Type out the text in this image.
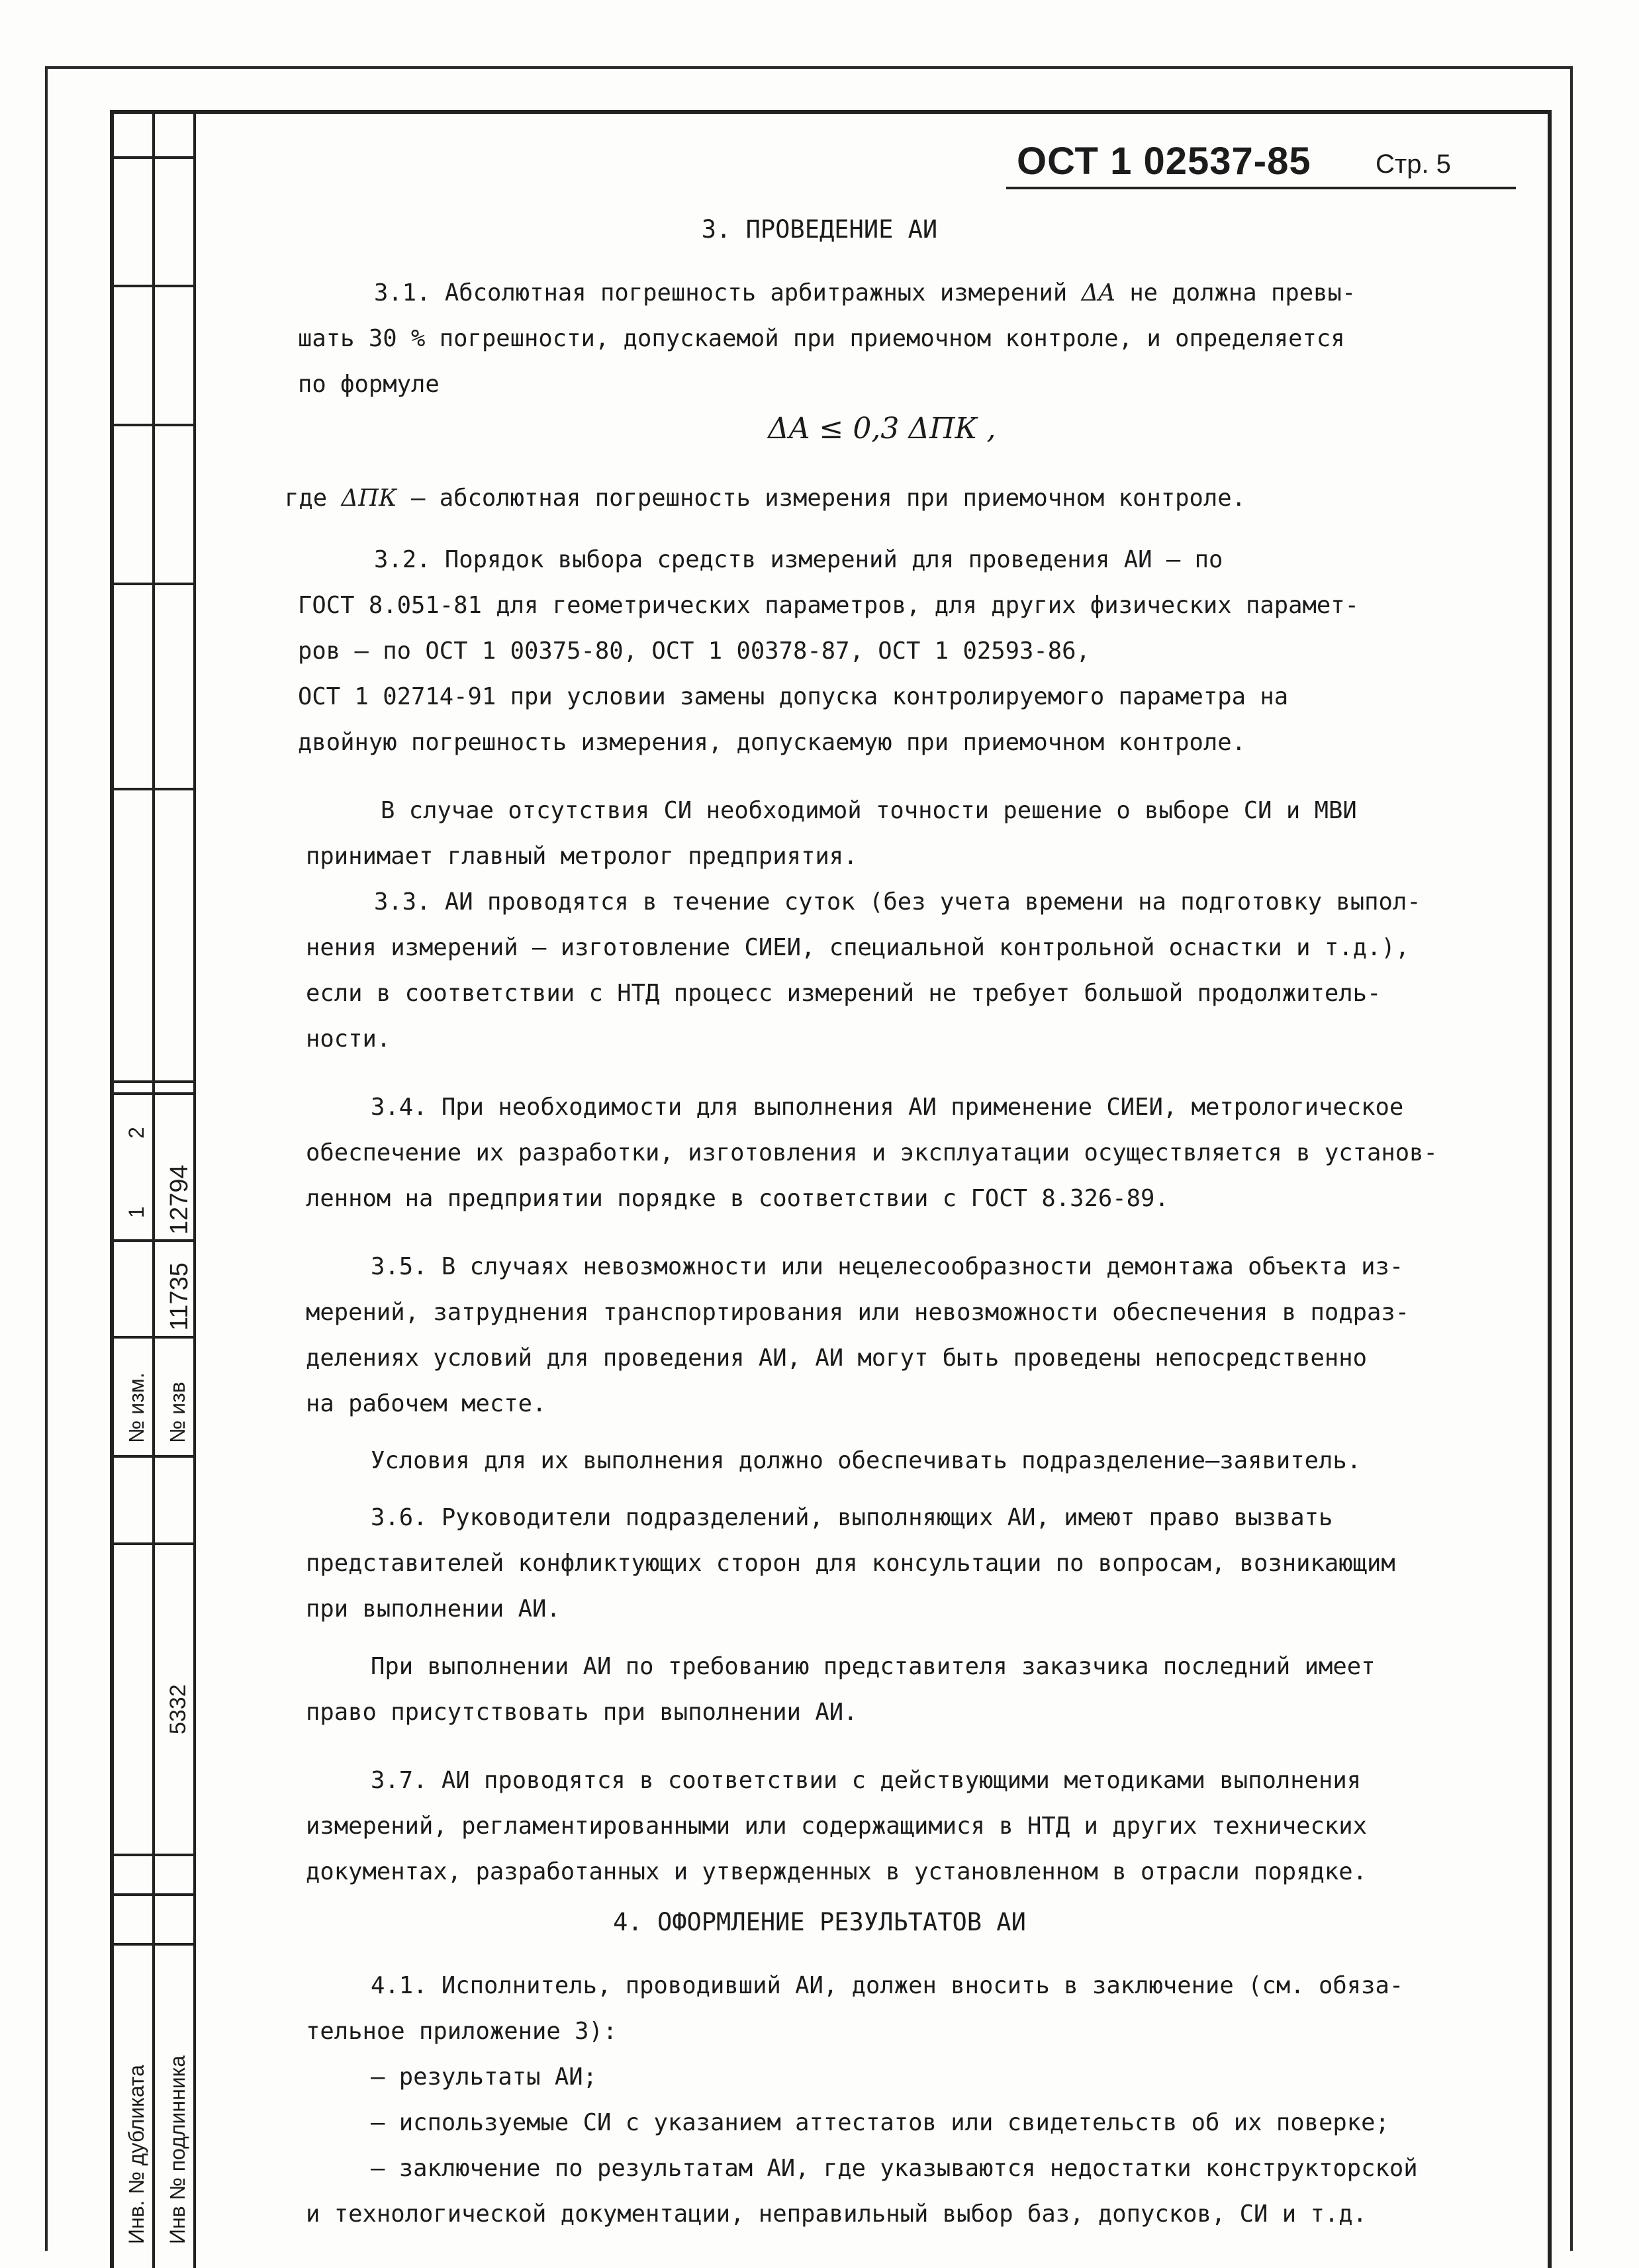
1
2
11735
12794
№ изм. № изв
5332
Инв. № дубликата Инв № подлинника
ОСТ 1 02537-85 Стр. 5
3. ПРОВЕДЕНИЕ АИ
3.1. Абсолютная погрешность арбитражных измерений ΔA не должна превы-
шать 30 % погрешности, допускаемой при приемочном контроле, и определяется
по формуле
ΔA ≤ 0,3 ΔПК ,
где ΔПК – абсолютная погрешность измерения при приемочном контроле.
3.2. Порядок выбора средств измерений для проведения АИ – по
ГОСТ 8.051-81 для геометрических параметров, для других физических парамет-
ров – по ОСТ 1 00375-80, ОСТ 1 00378-87, ОСТ 1 02593-86,
ОСТ 1 02714-91 при условии замены допуска контролируемого параметра на
двойную погрешность измерения, допускаемую при приемочном контроле.
В случае отсутствия СИ необходимой точности решение о выборе СИ и МВИ
принимает главный метролог предприятия.
3.3. АИ проводятся в течение суток (без учета времени на подготовку выпол-
нения измерений – изготовление СИЕИ, специальной контрольной оснастки и т.д.),
если в соответствии с НТД процесс измерений не требует большой продолжитель-
ности.
3.4. При необходимости для выполнения АИ применение СИЕИ, метрологическое
обеспечение их разработки, изготовления и эксплуатации осуществляется в установ-
ленном на предприятии порядке в соответствии с ГОСТ 8.326-89.
3.5. В случаях невозможности или нецелесообразности демонтажа объекта из-
мерений, затруднения транспортирования или невозможности обеспечения в подраз-
делениях условий для проведения АИ, АИ могут быть проведены непосредственно
на рабочем месте.
Условия для их выполнения должно обеспечивать подразделение–заявитель.
3.6. Руководители подразделений, выполняющих АИ, имеют право вызвать
представителей конфликтующих сторон для консультации по вопросам, возникающим
при выполнении АИ.
При выполнении АИ по требованию представителя заказчика последний имеет
право присутствовать при выполнении АИ.
3.7. АИ проводятся в соответствии с действующими методиками выполнения
измерений, регламентированными или содержащимися в НТД и других технических
документах, разработанных и утвержденных в установленном в отрасли порядке.
4. ОФОРМЛЕНИЕ РЕЗУЛЬТАТОВ АИ
4.1. Исполнитель, проводивший АИ, должен вносить в заключение (см. обяза-
тельное приложение 3):
– результаты АИ;
– используемые СИ с указанием аттестатов или свидетельств об их поверке;
– заключение по результатам АИ, где указываются недостатки конструкторской
и технологической документации, неправильный выбор баз, допусков, СИ и т.д.
